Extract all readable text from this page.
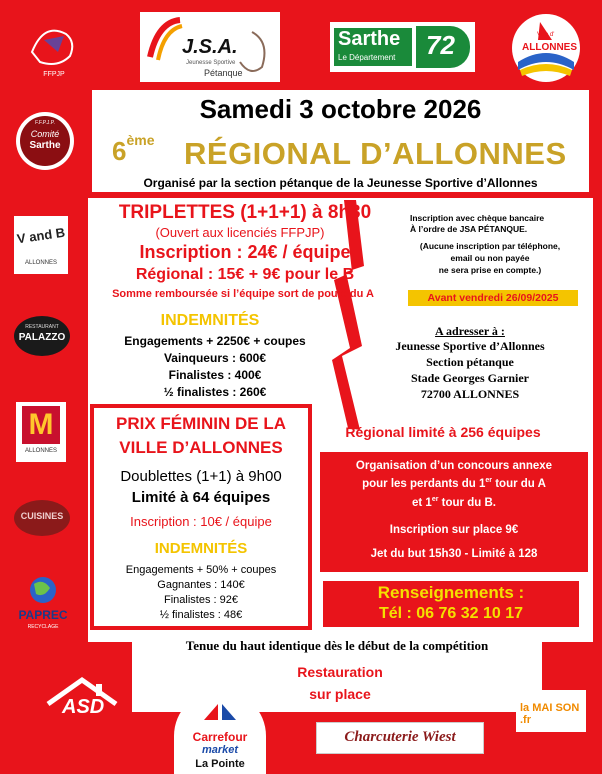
FFPJP
J.S.A.
Jeunesse Sportive
Pétanque
Sarthe
Le Département 72	Ville d'
ALLONNES
F.F.P.J.P.
Comité
Sarthe
V and B
ALLONNES
RESTAURANT
PALAZZO
M
ALLONNES
CUISINES
PAPREC
RECYCLAGE
ASD
Samedi 3 octobre 2026
6ème RÉGIONAL D’ALLONNES
Organisé par la section pétanque de la Jeunesse Sportive d’Allonnes
TRIPLETTES (1+1+1) à 8h30
(Ouvert aux licenciés FFPJP)
Inscription : 24€ / équipe
Régional : 15€ + 9€ pour le B
Somme remboursée si l’équipe sort de poule du A
INDEMNITÉS
Engagements + 2250€ + coupes
Vainqueurs : 600€
Finalistes : 400€
½ finalistes : 260€
Inscription avec chèque bancaire
À l’ordre de JSA PÉTANQUE.
(Aucune inscription par téléphone,
email ou non payée
ne sera prise en compte.)
Avant vendredi 26/09/2025
A adresser à :
Jeunesse Sportive d’Allonnes
Section pétanque
Stade Georges Garnier
72700 ALLONNES
PRIX FÉMININ DE LA
VILLE D’ALLONNES
Doublettes (1+1) à 9h00
Limité à 64 équipes
Inscription : 10€ / équipe
INDEMNITÉS
Engagements + 50% + coupes
Gagnantes : 140€
Finalistes : 92€
½ finalistes : 48€
Régional limité à 256 équipes
Organisation d’un concours annexe
pour les perdants du 1er tour du A
et 1er tour du B.
Inscription sur place 9€
Jet du but 15h30 - Limité à 128
Renseignements :
Tél : 06 76 32 10 17
Tenue du haut identique dès le début de la compétition
Restauration
sur place
Carrefour
market
La Pointe
Charcuterie Wiest
la MAI SON .fr
